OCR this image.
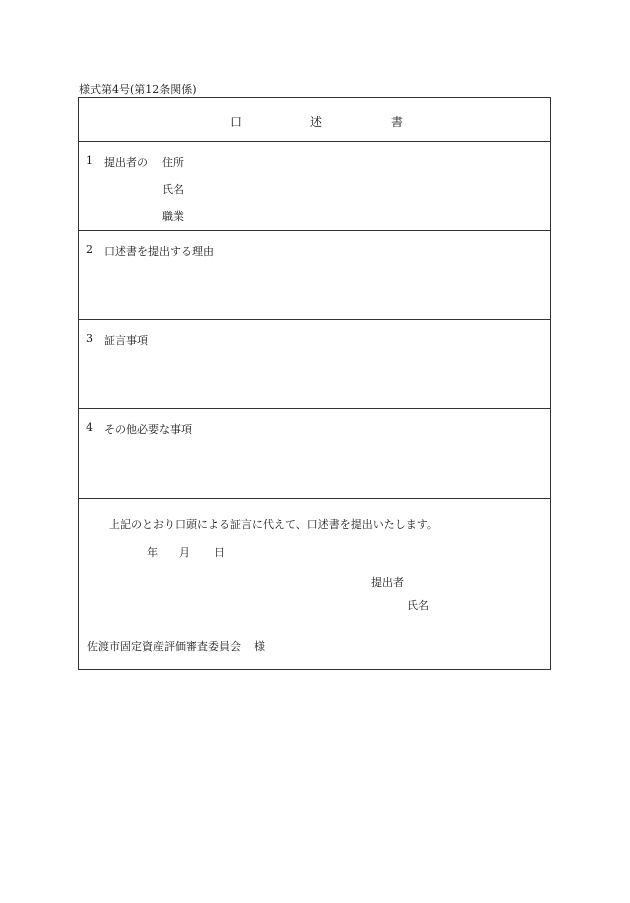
様式第4号(第12条関係)
口	述	書
1 提出者の 住所
氏名
職業
2 口述書を提出する理由
3 証言事項
4 その他必要な事項
上記のとおり口頭による証言に代えて、口述書を提出いたします。
年 月 日
提出者
氏名
佐渡市固定資産評価審査委員会 様
